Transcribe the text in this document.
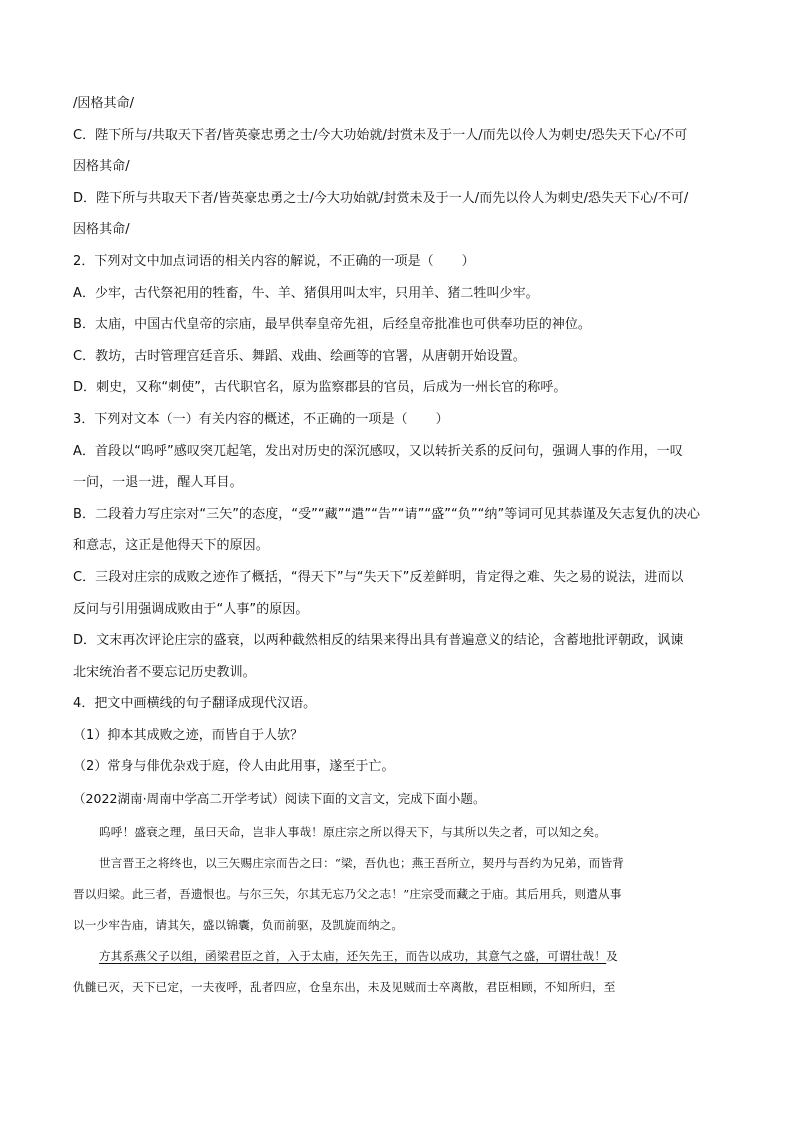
/因格其命/
C．陛下所与/共取天下者/皆英豪忠勇之士/今大功始就/封赏未及于一人/而先以伶人为刺史/恐失天下心/不可
因格其命/
D．陛下所与共取天下者/皆英豪忠勇之士/今大功始就/封赏未及于一人/而先以伶人为刺史/恐失天下心/不可/
因格其命/
2．下列对文中加点词语的相关内容的解说，不正确的一项是（ ）
A．少牢，古代祭祀用的牲畜，牛、羊、猪俱用叫太牢，只用羊、猪二牲叫少牢。
B．太庙，中国古代皇帝的宗庙，最早供奉皇帝先祖，后经皇帝批准也可供奉功臣的神位。
C．教坊，古时管理宫廷音乐、舞蹈、戏曲、绘画等的官署，从唐朝开始设置。
D．刺史，又称“刺使”，古代职官名，原为监察郡县的官员，后成为一州长官的称呼。
3．下列对文本（一）有关内容的概述，不正确的一项是（ ）
A．首段以“呜呼”感叹突兀起笔，发出对历史的深沉感叹，又以转折关系的反问句，强调人事的作用，一叹
一问，一退一进，醒人耳目。
B．二段着力写庄宗对“三矢”的态度，“受”“藏”“遣”“告”“请”“盛”“负”“纳”等词可见其恭谨及矢志复仇的决心
和意志，这正是他得天下的原因。
C．三段对庄宗的成败之迹作了概括，“得天下”与“失天下”反差鲜明，肯定得之难、失之易的说法，进而以
反问与引用强调成败由于“人事”的原因。
D．文末再次评论庄宗的盛衰，以两种截然相反的结果来得出具有普遍意义的结论，含蓄地批评朝政，讽谏
北宋统治者不要忘记历史教训。
4．把文中画横线的句子翻译成现代汉语。
（1）抑本其成败之迹，而皆自于人欤？
（2）常身与俳优杂戏于庭，伶人由此用事，遂至于亡。
（2022湖南·周南中学高二开学考试）阅读下面的文言文，完成下面小题。
呜呼！盛衰之理，虽曰天命，岂非人事哉！原庄宗之所以得天下，与其所以失之者，可以知之矣。
世言晋王之将终也，以三矢赐庄宗而告之曰：“梁，吾仇也；燕王吾所立，契丹与吾约为兄弟，而皆背
晋以归梁。此三者，吾遗恨也。与尔三矢，尔其无忘乃父之志！”庄宗受而藏之于庙。其后用兵，则遣从事
以一少牢告庙，请其矢，盛以锦囊，负而前驱，及凯旋而纳之。
方其系燕父子以组，函梁君臣之首，入于太庙，还矢先王，而告以成功，其意气之盛，可谓壮哉！及
仇雠已灭，天下已定，一夫夜呼，乱者四应，仓皇东出，未及见贼而士卒离散，君臣相顾，不知所归，至
